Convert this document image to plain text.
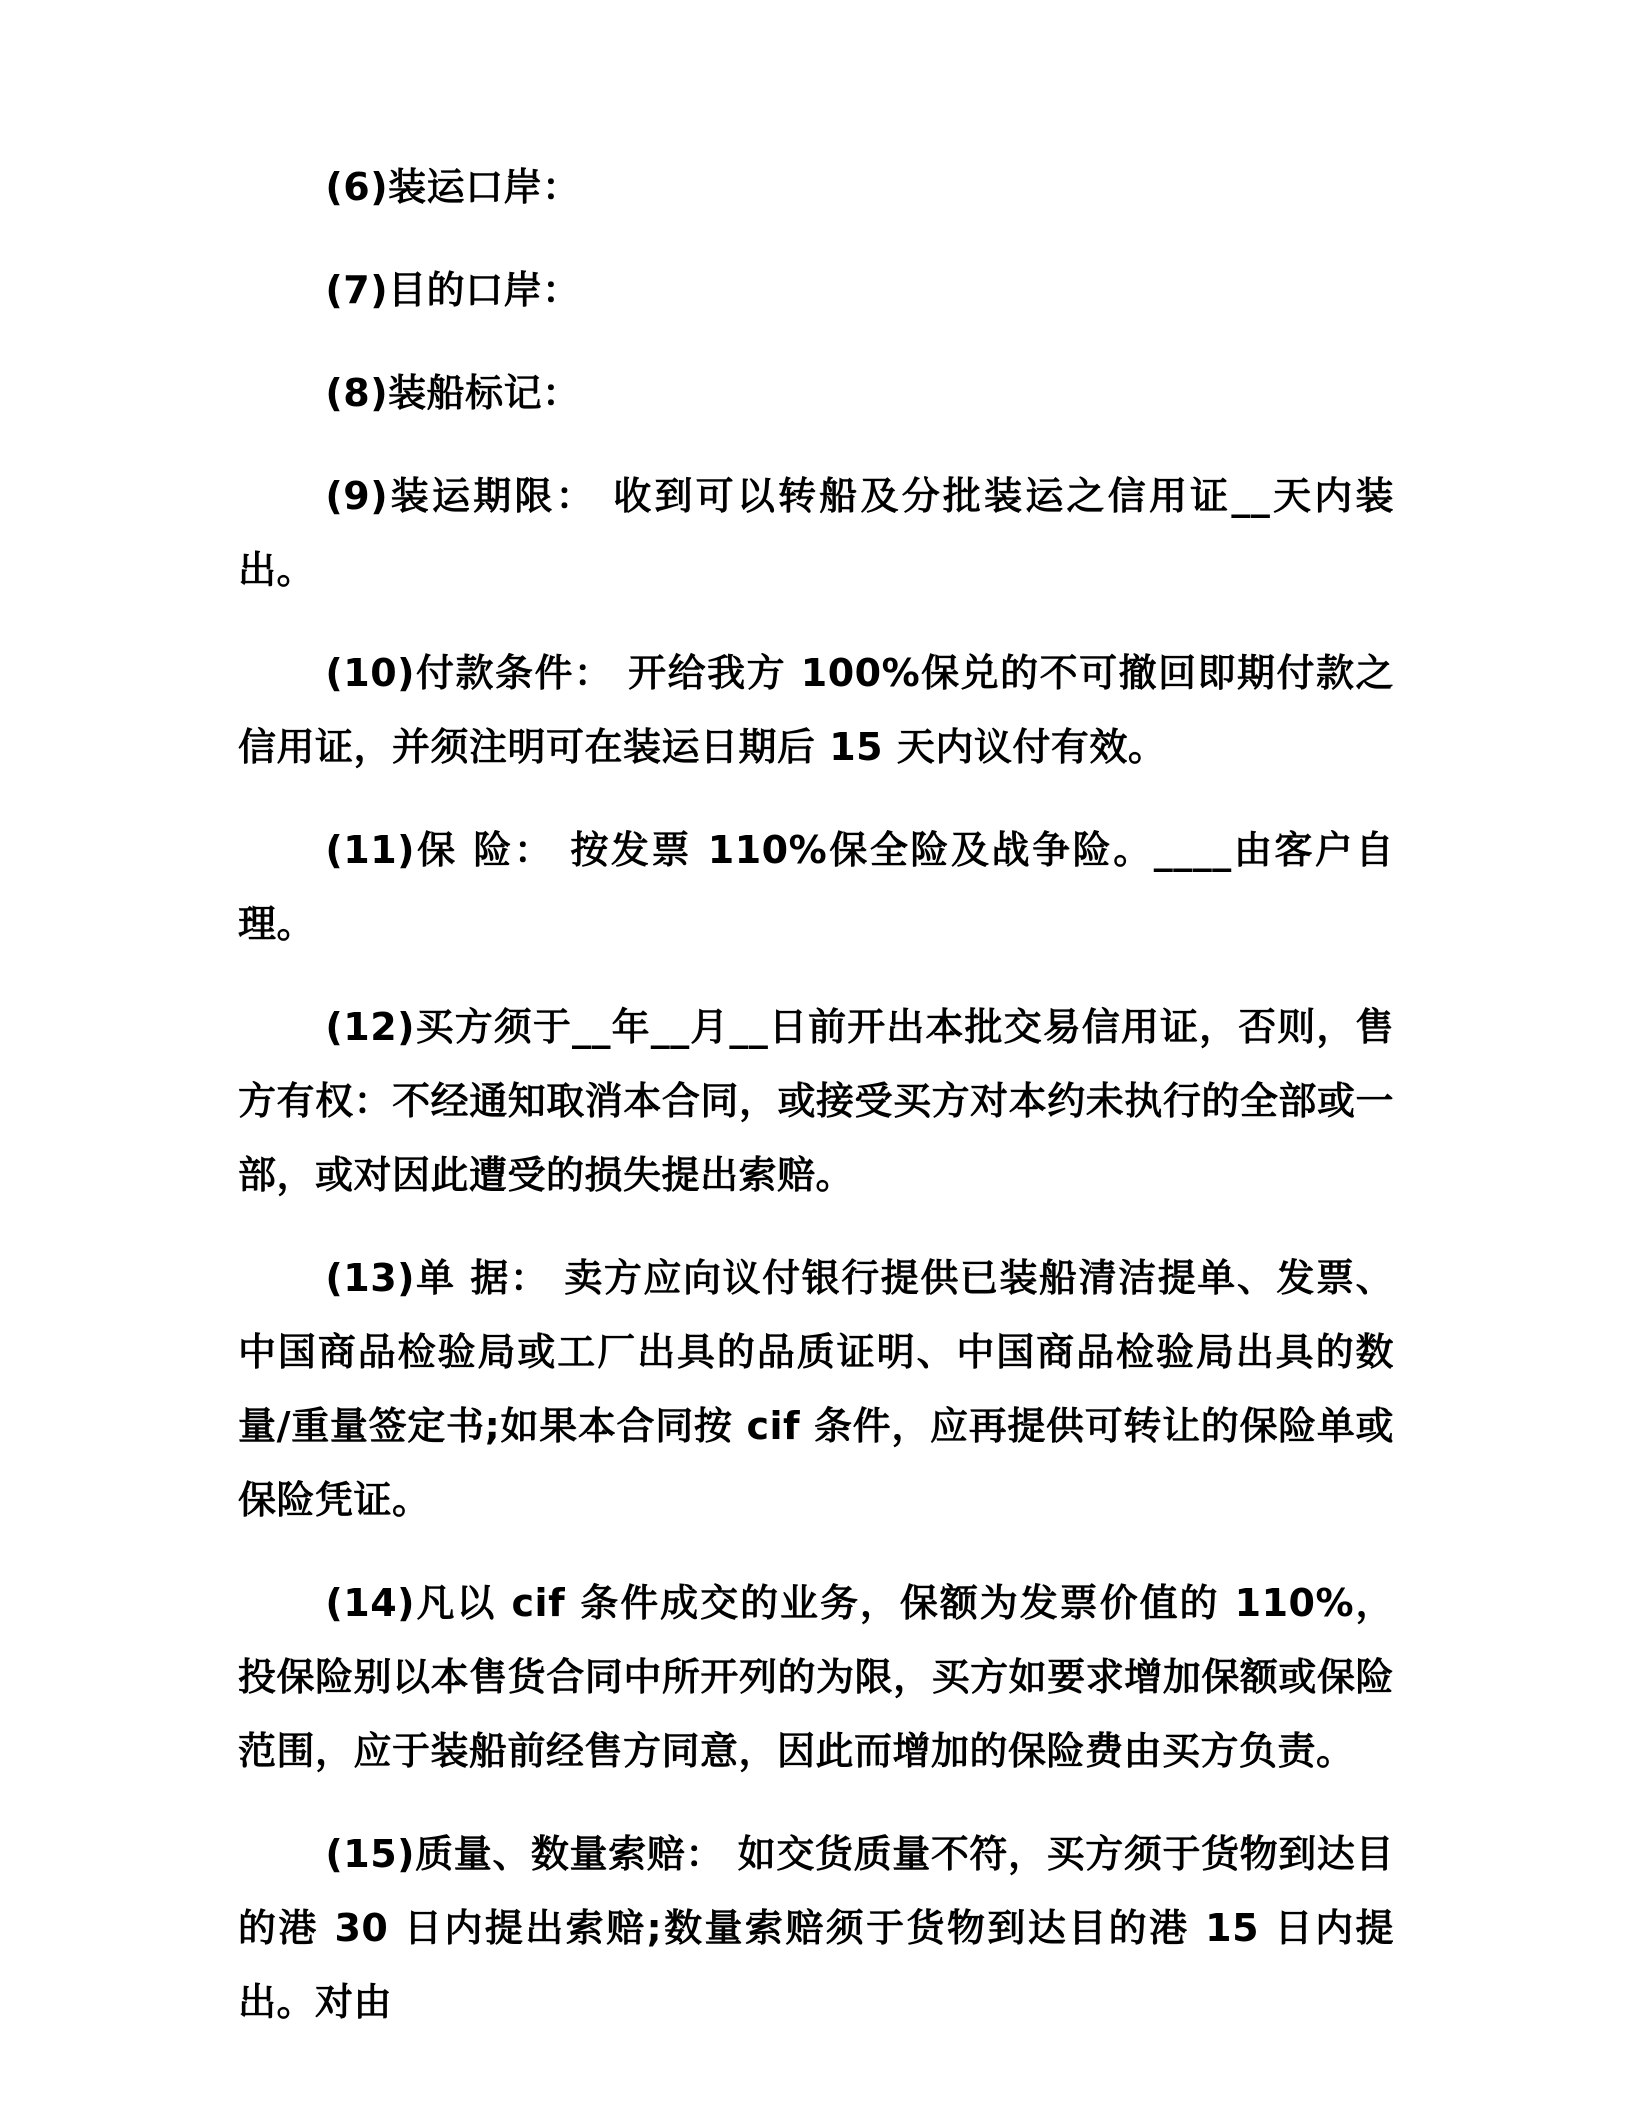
(6)装运口岸：

(7)目的口岸：

(8)装船标记：

(9)装运期限： 收到可以转船及分批装运之信用证__天内装出。

(10)付款条件： 开给我方 100%保兑的不可撤回即期付款之信用证，并须注明可在装运日期后 15 天内议付有效。

(11)保 险： 按发票 110%保全险及战争险。____由客户自理。

(12)买方须于__年__月__日前开出本批交易信用证，否则，售方有权：不经通知取消本合同，或接受买方对本约未执行的全部或一部，或对因此遭受的损失提出索赔。

(13)单 据： 卖方应向议付银行提供已装船清洁提单、发票、中国商品检验局或工厂出具的品质证明、中国商品检验局出具的数量/重量签定书;如果本合同按 cif 条件，应再提供可转让的保险单或保险凭证。

(14)凡以 cif 条件成交的业务，保额为发票价值的 110%，投保险别以本售货合同中所开列的为限，买方如要求增加保额或保险范围，应于装船前经售方同意，因此而增加的保险费由买方负责。

(15)质量、数量索赔： 如交货质量不符，买方须于货物到达目的港 30 日内提出索赔;数量索赔须于货物到达目的港 15 日内提出。对由
